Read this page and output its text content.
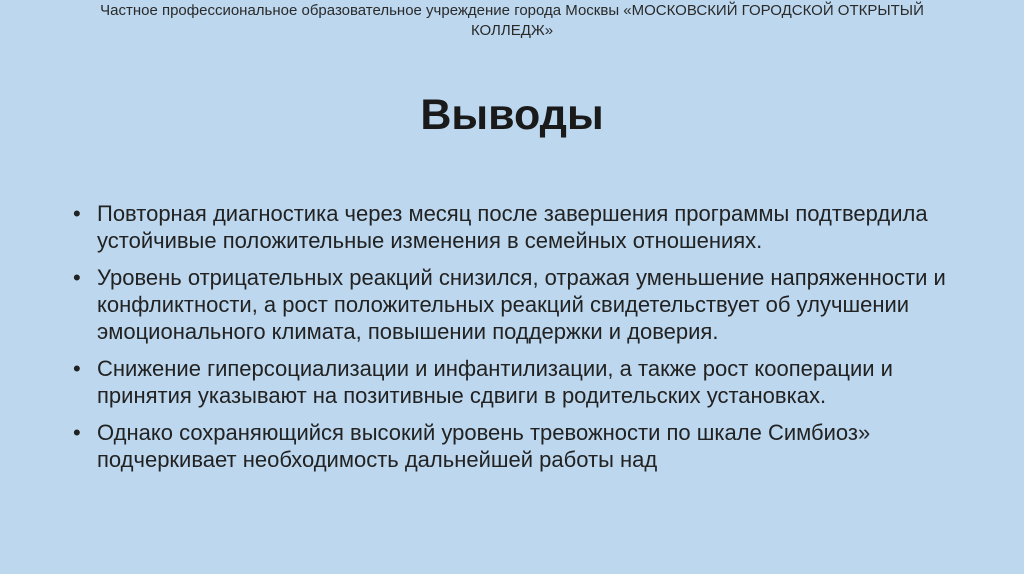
Частное профессиональное образовательное учреждение города Москвы «МОСКОВСКИЙ ГОРОДСКОЙ ОТКРЫТЫЙ КОЛЛЕДЖ»
Выводы
• Повторная диагностика через месяц после завершения программы подтвердила устойчивые положительные изменения в семейных отношениях.
• Уровень отрицательных реакций снизился, отражая уменьшение напряженности и конфликтности, а рост положительных реакций свидетельствует об улучшении эмоционального климата, повышении поддержки и доверия.
• Снижение гиперсоциализации и инфантилизации, а также рост кооперации и принятия указывают на позитивные сдвиги в родительских установках.
• Однако сохраняющийся высокий уровень тревожности по шкале Симбиоз» подчеркивает необходимость дальнейшей работы над
